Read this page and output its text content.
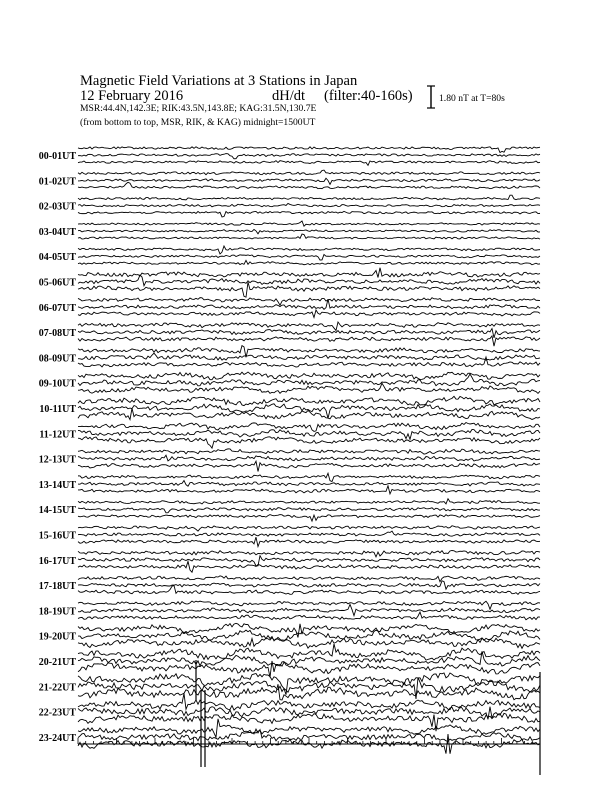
Magnetic Field Variations at 3 Stations in Japan
12 February 2016	dH/dt (filter:40-160s)
MSR:44.4N,142.3E; RIK:43.5N,143.8E; KAG:31.5N,130.7E
(from bottom to top, MSR, RIK, & KAG) midnight=1500UT
1.80 nT at T=80s
00-01UT
01-02UT
02-03UT
03-04UT
04-05UT
05-06UT
06-07UT
07-08UT
08-09UT
09-10UT
10-11UT
11-12UT
12-13UT
13-14UT
14-15UT
15-16UT
16-17UT
17-18UT
18-19UT
19-20UT
20-21UT
21-22UT
22-23UT
23-24UT
